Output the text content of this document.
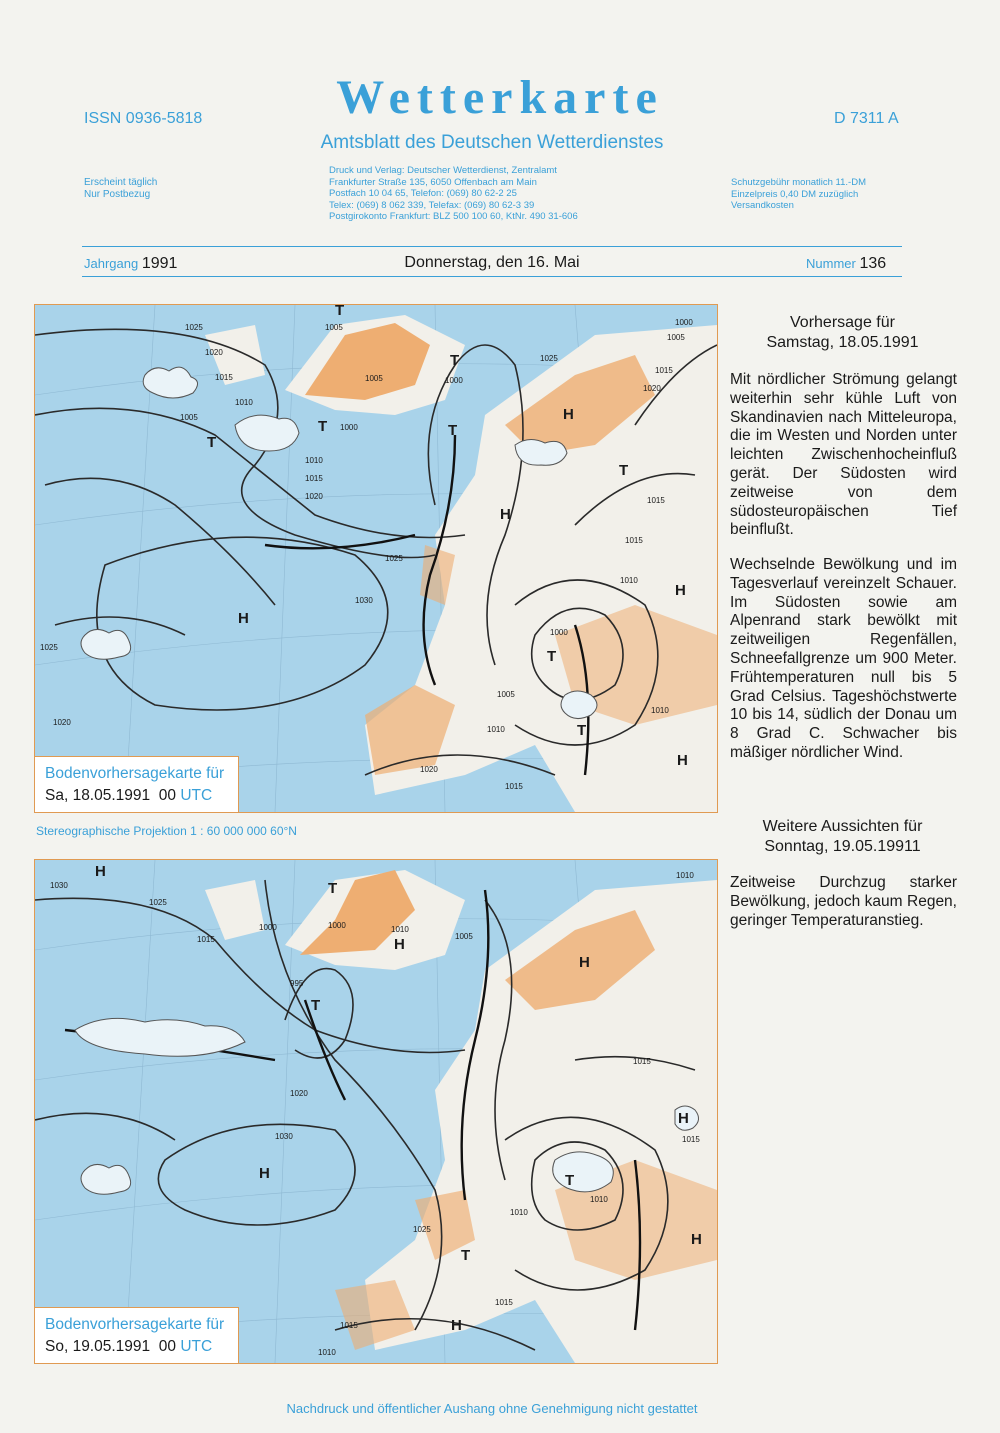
ISSN 0936-5818	Wetterkarte
Amtsblatt des Deutschen Wetterdienstes
D 7311 A
Erscheint täglich
Nur Postbezug
Druck und Verlag: Deutscher Wetterdienst, Zentralamt
Frankfurter Straße 135, 6050 Offenbach am Main
Postfach 10 04 65, Telefon: (069) 80 62-2 25
Telex: (069) 8 062 339, Telefax: (069) 80 62-3 39
Postgirokonto Frankfurt: BLZ 500 100 60, KtNr. 490 31-606
Schutzgebühr monatlich 11.-DM
Einzelpreis 0,40 DM zuzüglich
Versandkosten
Jahrgang 1991	Donnerstag, den 16. Mai	Nummer 136
1025
1020
1015
1010
1005
1005
1005
1000
1000
1010
1015
1020
1025
1030
1025
1020
1000
1005
1010
1020
1015
1015
1010
1000
1005
1015
1020
1015
1010
1025
T
T
T
T
T
T
T
H
H
H
H
T
H
Bodenvorhersagekarte für
Sa, 18.05.1991 00 UTC
Stereographische Projektion 1 : 60 000 000 60°N
1030
1025
1015
1000
995
1000	1010
1005
1020
1030
1025
1015
1015
1010
1010
1010
1015
1015
1010
H
T
T
H
H
H
H
T
H
T
H
Bodenvorhersagekarte für
So, 19.05.1991 00 UTC
Vorhersage für
Samstag, 18.05.1991
Mit nördlicher Strömung gelangt weiterhin sehr kühle Luft von Skandinavien nach Mitteleuropa, die im Westen und Norden unter leichten Zwischenhocheinfluß gerät. Der Südosten wird zeitweise von dem südosteuropäischen Tief beinflußt.
Wechselnde Bewölkung und im Tagesverlauf vereinzelt Schauer. Im Südosten sowie am Alpenrand stark bewölkt mit zeitweiligen Regenfällen, Schneefallgrenze um 900 Meter. Frühtemperaturen null bis 5 Grad Celsius. Tageshöchstwerte 10 bis 14, südlich der Donau um 8 Grad C. Schwacher bis mäßiger nördlicher Wind.
Weitere Aussichten für
Sonntag, 19.05.19911
Zeitweise Durchzug starker Bewölkung, jedoch kaum Regen, geringer Temperaturanstieg.
Nachdruck und öffentlicher Aushang ohne Genehmigung nicht gestattet
